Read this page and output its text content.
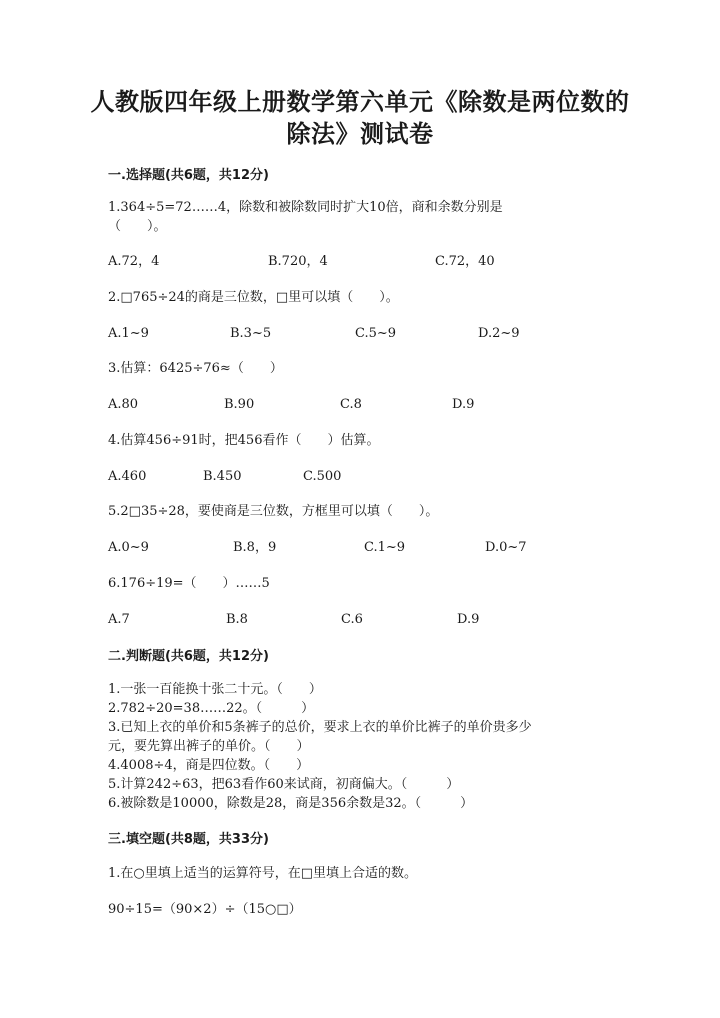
人教版四年级上册数学第六单元《除数是两位数的
除法》测试卷
一.选择题(共6题，共12分)
1.364÷5=72……4，除数和被除数同时扩大10倍，商和余数分别是
（　　）。
A.72，4	B.720，4	C.72，40
2.□765÷24的商是三位数，□里可以填（　　）。
A.1~9	B.3~5	C.5~9	D.2~9
3.估算：6425÷76≈（　　）
A.80	B.90	C.8	D.9
4.估算456÷91时，把456看作（　　）估算。
A.460	B.450	C.500
5.2□35÷28，要使商是三位数，方框里可以填（　　）。
A.0~9	B.8，9	C.1~9	D.0~7
6.176÷19=（　　）……5
A.7	B.8	C.6	D.9
二.判断题(共6题，共12分)
1.一张一百能换十张二十元。（　　）
2.782÷20=38……22。（　　　）
3.已知上衣的单价和5条裤子的总价，要求上衣的单价比裤子的单价贵多少
元，要先算出裤子的单价。（　　）
4.4008÷4，商是四位数。（　　）
5.计算242÷63，把63看作60来试商，初商偏大。（　　　）
6.被除数是10000，除数是28，商是356余数是32。（　　　）
三.填空题(共8题，共33分)
1.在○里填上适当的运算符号，在□里填上合适的数。
90÷15=（90×2）÷（15○□）
